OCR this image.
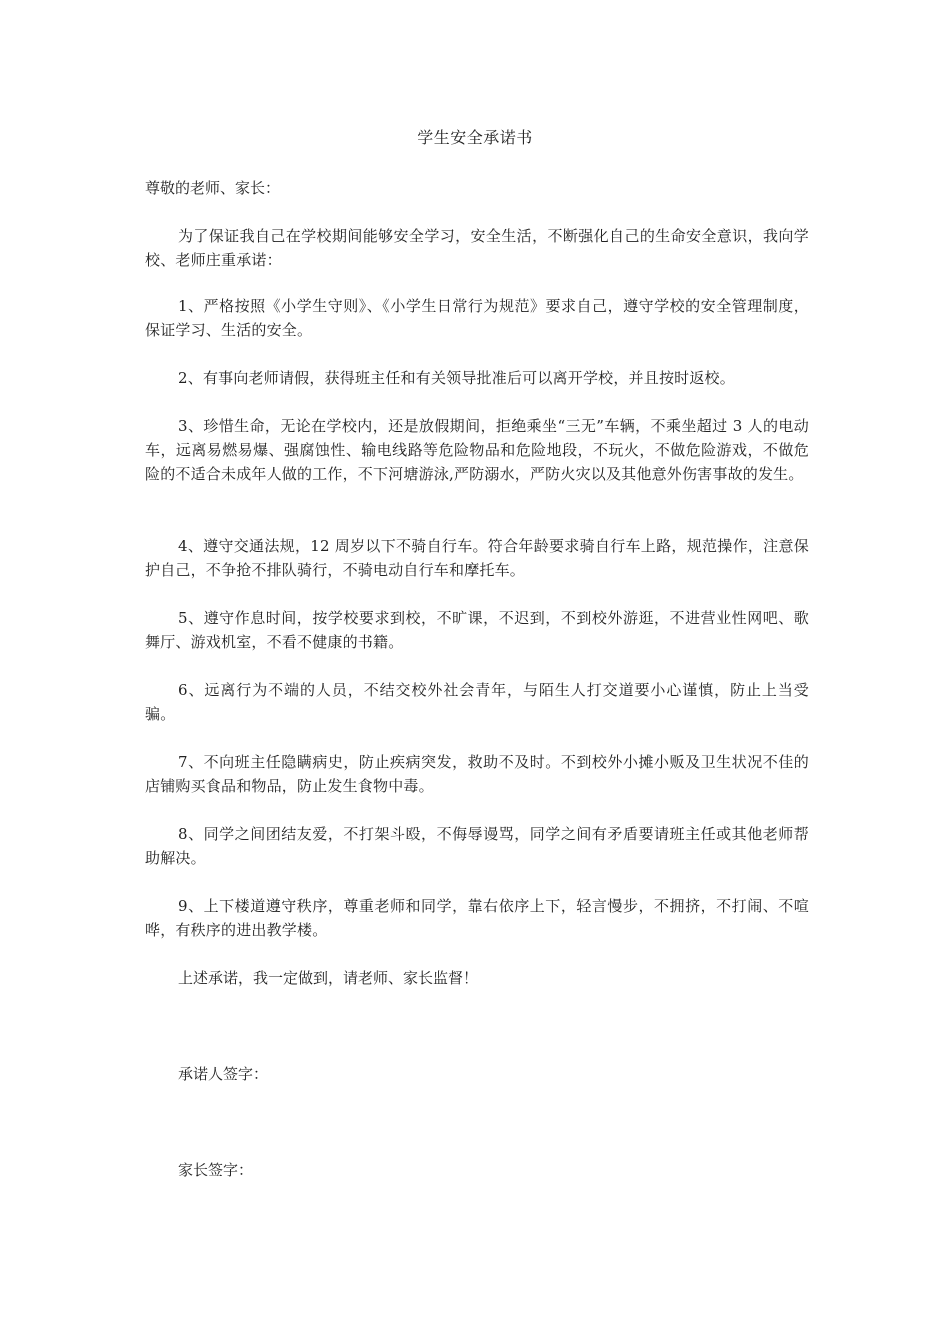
学生安全承诺书
尊敬的老师、家长：
为了保证我自己在学校期间能够安全学习，安全生活，不断强化自己的生命安全意识，我向学校、老师庄重承诺：
1、严格按照《小学生守则》、《小学生日常行为规范》要求自己，遵守学校的安全管理制度，保证学习、生活的安全。
2、有事向老师请假，获得班主任和有关领导批准后可以离开学校，并且按时返校。
3、珍惜生命，无论在学校内，还是放假期间，拒绝乘坐“三无”车辆，不乘坐超过 3 人的电动车，远离易燃易爆、强腐蚀性、输电线路等危险物品和危险地段，不玩火，不做危险游戏，不做危险的不适合未成年人做的工作，不下河塘游泳,严防溺水，严防火灾以及其他意外伤害事故的发生。
4、遵守交通法规，12 周岁以下不骑自行车。符合年龄要求骑自行车上路，规范操作，注意保护自己，不争抢不排队骑行，不骑电动自行车和摩托车。
5、遵守作息时间，按学校要求到校，不旷课，不迟到，不到校外游逛，不进营业性网吧、歌舞厅、游戏机室，不看不健康的书籍。
6、远离行为不端的人员，不结交校外社会青年，与陌生人打交道要小心谨慎，防止上当受骗。
7、不向班主任隐瞒病史，防止疾病突发，救助不及时。不到校外小摊小贩及卫生状况不佳的店铺购买食品和物品，防止发生食物中毒。
8、同学之间团结友爱，不打架斗殴，不侮辱谩骂，同学之间有矛盾要请班主任或其他老师帮助解决。
9、上下楼道遵守秩序，尊重老师和同学，靠右依序上下，轻言慢步，不拥挤，不打闹、不喧哗，有秩序的进出教学楼。
上述承诺，我一定做到，请老师、家长监督！
承诺人签字：
家长签字：
